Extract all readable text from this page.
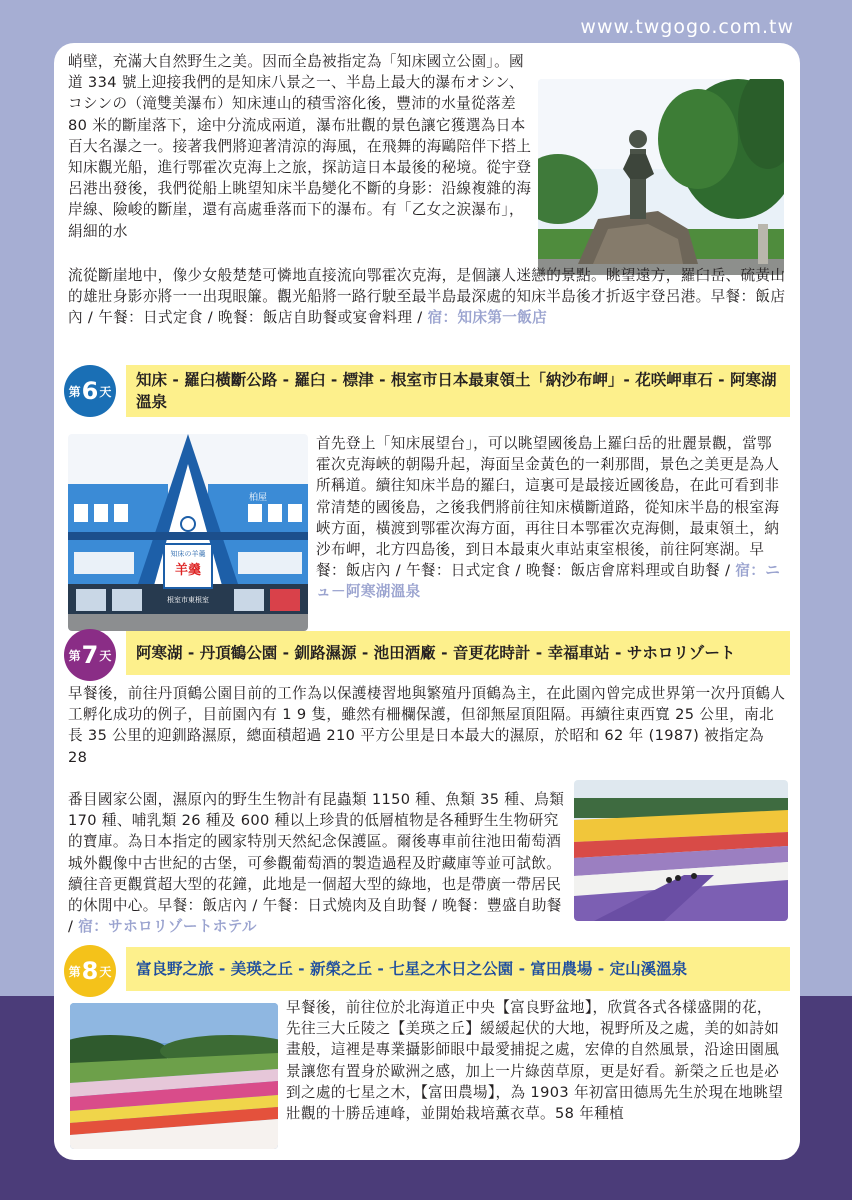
www.twgogo.com.tw

峭壁，充滿大自然野生之美。因而全島被指定為「知床國立公園」。國道 334 號上迎接我們的是知床八景之一、半島上最大的瀑布オシン、コシンの（滝雙美瀑布）知床連山的積雪溶化後，豐沛的水量從落差 80 米的斷崖落下，途中分流成兩道，瀑布壯觀的景色讓它獲選為日本百大名瀑之一。接著我們將迎著清涼的海風，在飛舞的海鷗陪伴下搭上知床觀光船，進行鄂霍次克海上之旅，探訪這日本最後的秘境。從宇登呂港出發後，我們從船上眺望知床半島變化不斷的身影：沿線複雜的海岸線、險峻的斷崖，還有高處垂落而下的瀑布。有「乙女之涙瀑布」，絹細的水

流從斷崖地中，像少女般楚楚可憐地直接流向鄂霍次克海，是個讓人迷戀的景點。眺望遠方，羅臼岳、硫黃山的雄壯身影亦將一一出現眼簾。觀光船將一路行駛至最半島最深處的知床半島後才折返宇登呂港。早餐：飯店內 / 午餐：日式定食 / 晚餐：飯店自助餐或宴會料理 / 宿：知床第一飯店

知床 - 羅臼橫斷公路 - 羅臼 - 標津 - 根室市日本最東領土「納沙布岬」- 花咲岬車石 - 阿寒湖溫泉
第 6 天
知床の羊羹
羊羹
根室市東根室
柏屋

首先登上「知床展望台」，可以眺望國後島上羅臼岳的壯麗景觀，當鄂霍次克海峽的朝陽升起，海面呈金黃色的一剎那間，景色之美更是為人所稱道。續往知床半島的羅臼，這裏可是最接近國後島，在此可看到非常清楚的國後島，之後我們將前往知床橫斷道路，從知床半島的根室海峽方面，橫渡到鄂霍次海方面，再往日本鄂霍次克海側，最東領土，納沙布岬，北方四島後，到日本最東火車站東室根後，前往阿寒湖。早餐：飯店內 / 午餐：日式定食 / 晚餐：飯店會席料理或自助餐 / 宿：ニュ－阿寒湖溫泉

阿寒湖 - 丹頂鶴公園 - 釧路濕源 - 池田酒廠 - 音更花時計 - 幸福車站 - サホロリゾート
第 7 天

早餐後，前往丹頂鶴公園目前的工作為以保護棲習地與繁殖丹頂鶴為主，在此園內曾完成世界第一次丹頂鶴人工孵化成功的例子，目前園內有 1 9 隻，雖然有柵欄保護，但卻無屋頂阻隔。再續往東西寬 25 公里，南北長 35 公里的迎釧路濕原，總面積超過 210 平方公里是日本最大的濕原，於昭和 62 年 (1987) 被指定為 28

番目國家公園，濕原內的野生生物計有昆蟲類 1150 種、魚類 35 種、鳥類 170 種、哺乳類 26 種及 600 種以上珍貴的低層植物是各種野生生物研究的寶庫。為日本指定的國家特別天然紀念保護區。爾後專車前往池田葡萄酒城外觀像中古世紀的古堡，可參觀葡萄酒的製造過程及貯藏庫等並可試飲。續往音更觀賞超大型的花鐘，此地是一個超大型的綠地，也是帶廣一帶居民的休閒中心。早餐：飯店內 / 午餐：日式燒肉及自助餐 / 晚餐：豐盛自助餐 / 宿：サホロリゾートホテル

富良野之旅 - 美瑛之丘 - 新榮之丘 - 七星之木日之公園 - 富田農場 - 定山溪溫泉
第 8 天

早餐後，前往位於北海道正中央【富良野盆地】，欣賞各式各樣盛開的花，先往三大丘陵之【美瑛之丘】緩緩起伏的大地，視野所及之處，美的如詩如畫般，這裡是專業攝影師眼中最愛捕捉之處，宏偉的自然風景，沿途田園風景讓您有置身於歐洲之感，加上一片綠茵草原，更是好看。新榮之丘也是必到之處的七星之木，【富田農場】，為 1903 年初富田德馬先生於現在地眺望壯觀的十勝岳連峰，並開始栽培薰衣草。58 年種植
